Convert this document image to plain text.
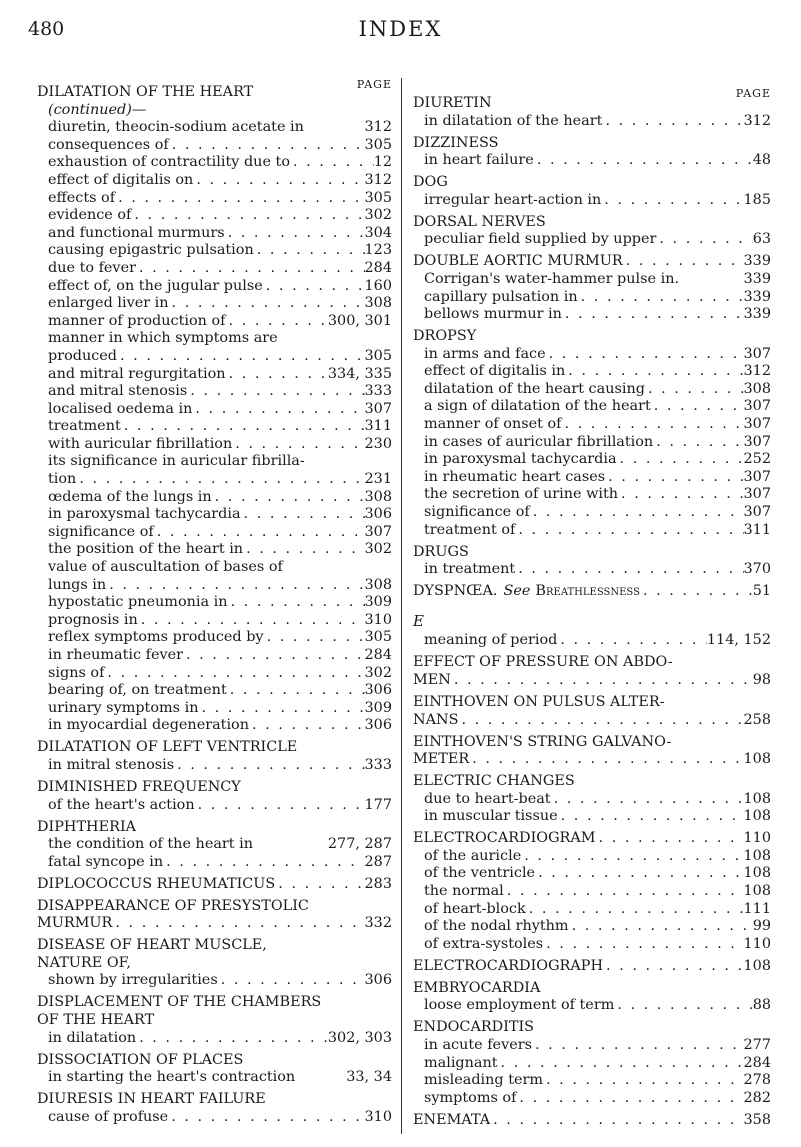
480	INDEX
PAGE
DILATATION OF THE HEART
(continued)—
diuretin, theocin-sodium acetate in	312
consequences of . . .	305
exhaustion of contractility due to . . .	12
effect of digitalis on . . .	312
effects of . . .	305
evidence of . . .	302
and functional murmurs . . .	304
causing epigastric pulsation . . .	123
due to fever . . .	284
effect of, on the jugular pulse . . .	160
enlarged liver in . . .	308
manner of production of . . .	300, 301
manner in which symptoms are
produced . . .	305
and mitral regurgitation . . .	334, 335
and mitral stenosis . . .	333
localised oedema in . . .	307
treatment . . .	311
with auricular fibrillation . . .	230
its significance in auricular fibrilla-
tion . . .	231
œdema of the lungs in . . .	308
in paroxysmal tachycardia . . .	306
significance of . . .	307
the position of the heart in . . .	302
value of auscultation of bases of
lungs in . . .	308
hypostatic pneumonia in . . .	309
prognosis in . . .	310
reflex symptoms produced by . . .	305
in rheumatic fever . . .	284
signs of . . .	302
bearing of, on treatment . . .	306
urinary symptoms in . . .	309
in myocardial degeneration . . .	306
DILATATION OF LEFT VENTRICLE
in mitral stenosis . . .	333
DIMINISHED FREQUENCY
of the heart's action . . .	177
DIPHTHERIA
the condition of the heart in	277, 287
fatal syncope in . . .	287
DIPLOCOCCUS RHEUMATICUS . . .	283
DISAPPEARANCE OF PRESYSTOLIC
MURMUR . . .	332
DISEASE OF HEART MUSCLE,
NATURE OF,
shown by irregularities . . .	306
DISPLACEMENT OF THE CHAMBERS
OF THE HEART
in dilatation . . .	302, 303
DISSOCIATION OF PLACES
in starting the heart's contraction	33, 34
DIURESIS IN HEART FAILURE
cause of profuse . . .	310
PAGE
DIURETIN
in dilatation of the heart . . .	312
DIZZINESS
in heart failure . . .	48
DOG
irregular heart-action in . . .	185
DORSAL NERVES
peculiar field supplied by upper . . .	63
DOUBLE AORTIC MURMUR . . .	339
Corrigan's water-hammer pulse in.	339
capillary pulsation in . . .	339
bellows murmur in . . .	339
DROPSY
in arms and face . . .	307
effect of digitalis in . . .	312
dilatation of the heart causing . . .	308
a sign of dilatation of the heart . . .	307
manner of onset of . . .	307
in cases of auricular fibrillation . . .	307
in paroxysmal tachycardia . . .	252
in rheumatic heart cases . . .	307
the secretion of urine with . . .	307
significance of . . .	307
treatment of . . .	311
DRUGS
in treatment . . .	370
DYSPNŒA. See Breathlessness . . .	51
E
meaning of period . . .	114, 152
EFFECT OF PRESSURE ON ABDO-
MEN . . .	98
EINTHOVEN ON PULSUS ALTER-
NANS . . .	258
EINTHOVEN'S STRING GALVANO-
METER . . .	108
ELECTRIC CHANGES
due to heart-beat . . .	108
in muscular tissue . . .	108
ELECTROCARDIOGRAM . . .	110
of the auricle . . .	108
of the ventricle . . .	108
the normal . . .	108
of heart-block . . .	111
of the nodal rhythm . . .	99
of extra-systoles . . .	110
ELECTROCARDIOGRAPH . . .	108
EMBRYOCARDIA
loose employment of term . . .	88
ENDOCARDITIS
in acute fevers . . .	277
malignant . . .	284
misleading term . . .	278
symptoms of . . .	282
ENEMATA . . .	358
